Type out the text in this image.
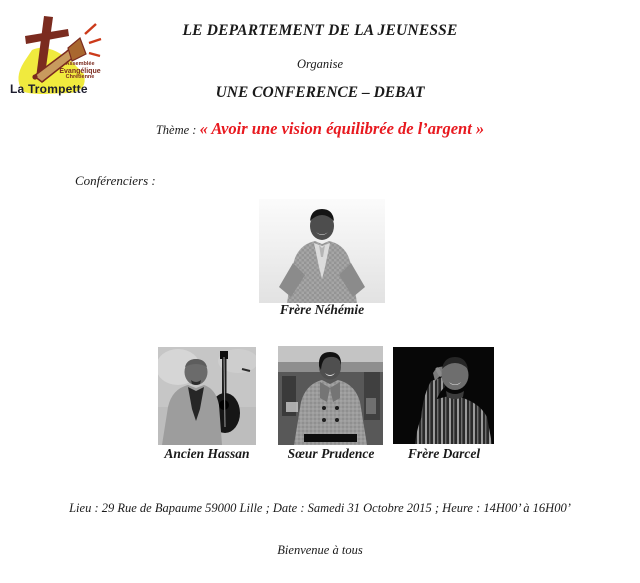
Assemblée
Évangélique
Chrétienne
La Trompette
LE DEPARTEMENT DE LA JEUNESSE
Organise
UNE CONFERENCE – DEBAT
Thème : « Avoir une vision équilibrée de l’argent »
Conférenciers :
Frère Néhémie
Ancien Hassan	Sœur Prudence	Frère Darcel
Lieu : 29 Rue de Bapaume 59000 Lille ; Date : Samedi 31 Octobre 2015 ; Heure : 14H00’ à 16H00’
Bienvenue à tous
